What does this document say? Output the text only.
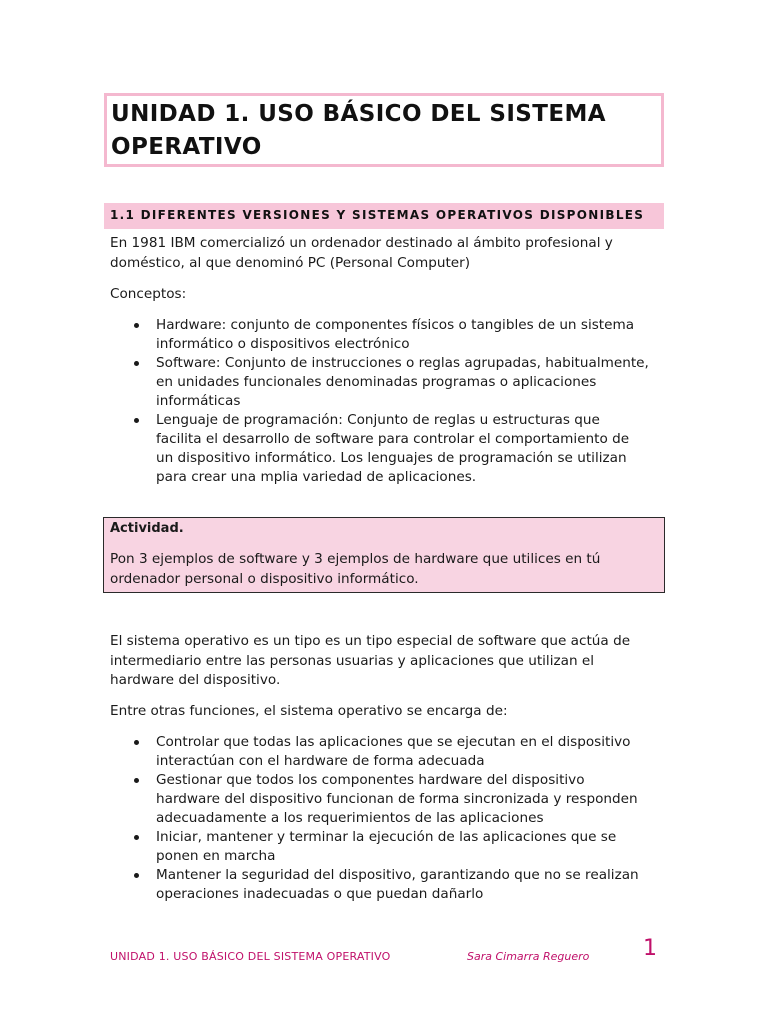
UNIDAD 1. USO BÁSICO DEL SISTEMA
OPERATIVO
1.1 DIFERENTES VERSIONES Y SISTEMAS OPERATIVOS DISPONIBLES
En 1981 IBM comercializó un ordenador destinado al ámbito profesional y
doméstico, al que denominó PC (Personal Computer)
Conceptos:
Hardware: conjunto de componentes físicos o tangibles de un sistema
informático o dispositivos electrónico
Software: Conjunto de instrucciones o reglas agrupadas, habitualmente,
en unidades funcionales denominadas programas o aplicaciones
informáticas
Lenguaje de programación: Conjunto de reglas u estructuras que
facilita el desarrollo de software para controlar el comportamiento de
un dispositivo informático. Los lenguajes de programación se utilizan
para crear una mplia variedad de aplicaciones.
Actividad.
Pon 3 ejemplos de software y 3 ejemplos de hardware que utilices en tú
ordenador personal o dispositivo informático.
El sistema operativo es un tipo es un tipo especial de software que actúa de
intermediario entre las personas usuarias y aplicaciones que utilizan el
hardware del dispositivo.
Entre otras funciones, el sistema operativo se encarga de:
Controlar que todas las aplicaciones que se ejecutan en el dispositivo
interactúan con el hardware de forma adecuada
Gestionar que todos los componentes hardware del dispositivo
hardware del dispositivo funcionan de forma sincronizada y responden
adecuadamente a los requerimientos de las aplicaciones
Iniciar, mantener y terminar la ejecución de las aplicaciones que se
ponen en marcha
Mantener la seguridad del dispositivo, garantizando que no se realizan
operaciones inadecuadas o que puedan dañarlo
UNIDAD 1. USO BÁSICO DEL SISTEMA OPERATIVO	Sara Cimarra Reguero 1
